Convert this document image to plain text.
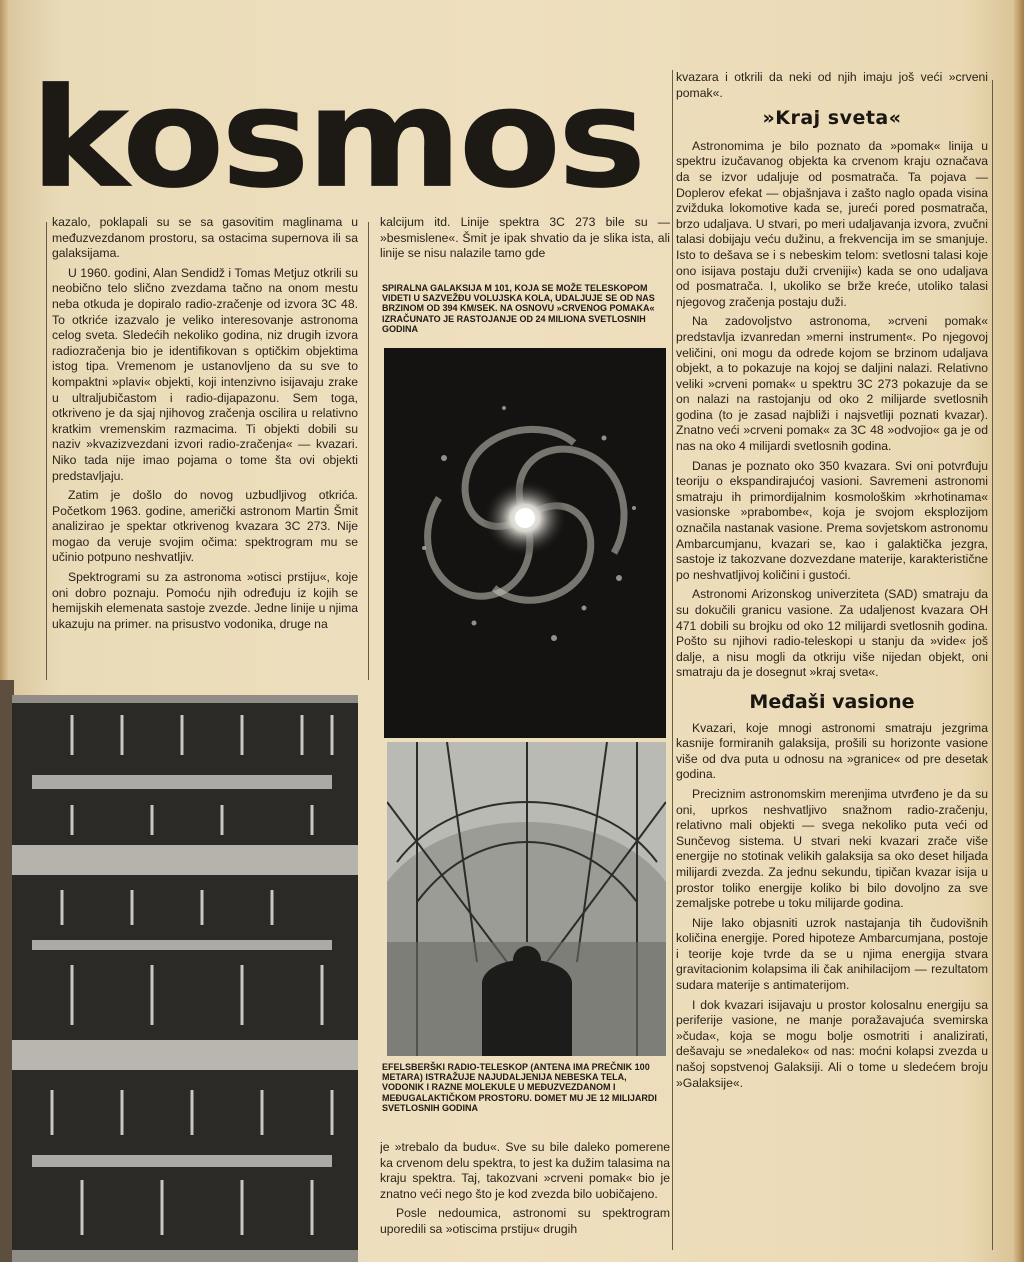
kosmos

kazalo, poklapali su se sa gasovitim maglinama u međuzvezdanom prostoru, sa ostacima supernova ili sa galaksijama.

U 1960. godini, Alan Sendidž i Tomas Metjuz otkrili su neobično telo slično zvezdama tačno na onom mestu neba otkuda je dopiralo radio-zračenje od izvora 3C 48. To otkriće izazvalo je veliko interesovanje astronoma celog sveta. Sledećih nekoliko godina, niz drugih izvora radiozračenja bio je identifikovan s optičkim objektima istog tipa. Vremenom je ustanovljeno da su sve to kompaktni »plavi« objekti, koji intenzivno isijavaju zrake u ultraljubičastom i radio-dijapazonu. Sem toga, otkriveno je da sjaj njihovog zračenja oscilira u relativno kratkim vremenskim razmacima. Ti objekti dobili su naziv »kvazizvezdani izvori radio-zračenja« — kvazari. Niko tada nije imao pojama o tome šta ovi objekti predstavljaju.

Zatim je došlo do novog uzbudljivog otkrića. Početkom 1963. godine, američki astronom Martin Šmit analizirao je spektar otkrivenog kvazara 3C 273. Nije mogao da veruje svojim očima: spektrogram mu se učinio potpuno neshvatljiv.

Spektrogrami su za astronoma »otisci prstiju«, koje oni dobro poznaju. Pomoću njih određuju iz kojih se hemijskih elemenata sastoje zvezde. Jedne linije u njima ukazuju na primer. na prisustvo vodonika, druge na

kalcijum itd. Linije spektra 3C 273 bile su — »besmislene«. Šmit je ipak shvatio da je slika ista, ali linije se nisu nalazile tamo gde

SPIRALNA GALAKSIJA M 101, KOJA SE MOŽE TELESKOPOM VIDETI U SAZVEŽĐU VOLUJSKA KOLA, UDALJUJE SE OD NAS BRZINOM OD 394 KM/SEK. NA OSNOVU »CRVENOG POMAKA« IZRAČUNATO JE RASTOJANJE OD 24 MILIONA SVETLOSNIH GODINA
EFELSBERŠKI RADIO-TELESKOP (ANTENA IMA PREČNIK 100 METARA) ISTRAŽUJE NAJUDALJENIJA NEBESKA TELA, VODONIK I RAZNE MOLEKULE U MEĐUZVEZDANOM I MEĐUGALAKTIČKOM PROSTORU. DOMET MU JE 12 MILIJARDI SVETLOSNIH GODINA

je »trebalo da budu«. Sve su bile daleko pomerene ka crvenom delu spektra, to jest ka dužim talasima na kraju spektra. Taj, takozvani »crveni pomak« bio je znatno veći nego što je kod zvezda bilo uobičajeno.

Posle nedoumica, astronomi su spektrogram uporedili sa »otiscima prstiju« drugih

kvazara i otkrili da neki od njih imaju još veći »crveni pomak«.

»Kraj sveta«

Astronomima je bilo poznato da »pomak« linija u spektru izučavanog objekta ka crvenom kraju označava da se izvor udaljuje od posmatrača. Ta pojava — Doplerov efekat — objašnjava i zašto naglo opada visina zvižduka lokomotive kada se, jureći pored posmatrača, brzo udaljava. U stvari, po meri udaljavanja izvora, zvučni talasi dobijaju veću dužinu, a frekvencija im se smanjuje. Isto to dešava se i s nebeskim telom: svetlosni talasi koje ono isijava postaju duži crveniji«) kada se ono udaljava od posmatrača. I, ukoliko se brže kreće, utoliko talasi njegovog zračenja postaju duži.

Na zadovoljstvo astronoma, »crveni pomak« predstavlja izvanredan »merni instrument«. Po njegovoj veličini, oni mogu da odrede kojom se brzinom udaljava objekt, a to pokazuje na kojoj se daljini nalazi. Relativno veliki »crveni pomak« u spektru 3C 273 pokazuje da se on nalazi na rastojanju od oko 2 milijarde svetlosnih godina (to je zasad najbliži i najsvetliji poznati kvazar). Znatno veći »crveni pomak« za 3C 48 »odvojio« ga je od nas na oko 4 milijardi svetlosnih godina.

Danas je poznato oko 350 kvazara. Svi oni potvrđuju teoriju o ekspandirajućoj vasioni. Savremeni astronomi smatraju ih primordijalnim kosmološkim »krhotinama« vasionske »prabombe«, koja je svojom eksplozijom označila nastanak vasione. Prema sovjetskom astronomu Ambarcumjanu, kvazari se, kao i galaktička jezgra, sastoje iz takozvane dozvezdane materije, karakteristične po neshvatljivoj količini i gustoći.

Astronomi Arizonskog univerziteta (SAD) smatraju da su dokučili granicu vasione. Za udaljenost kvazara OH 471 dobili su brojku od oko 12 milijardi svetlosnih godina. Pošto su njihovi radio-teleskopi u stanju da »vide« još dalje, a nisu mogli da otkriju više nijedan objekt, oni smatraju da je dosegnut »kraj sveta«.

Međaši vasione

Kvazari, koje mnogi astronomi smatraju jezgrima kasnije formiranih galaksija, prošili su horizonte vasione više od dva puta u odnosu na »granice« od pre desetak godina.

Preciznim astronomskim merenjima utvrđeno je da su oni, uprkos neshvatljivo snažnom radio-zračenju, relativno mali objekti — svega nekoliko puta veći od Sunčevog sistema. U stvari neki kvazari zrače više energije no stotinak velikih galaksija sa oko deset hiljada milijardi zvezda. Za jednu sekundu, tipičan kvazar isija u prostor toliko energije koliko bi bilo dovoljno za sve zemaljske potrebe u toku milijarde godina.

Nije lako objasniti uzrok nastajanja tih čudovišnih količina energije. Pored hipoteze Ambarcumjana, postoje i teorije koje tvrde da se u njima energija stvara gravitacionim kolapsima ili čak anihilacijom — rezultatom sudara materije s antimaterijom.

I dok kvazari isijavaju u prostor kolosalnu energiju sa periferije vasione, ne manje poražavajuća svemirska »čuda«, koja se mogu bolje osmotriti i analizirati, dešavaju se »nedaleko« od nas: moćni kolapsi zvezda u našoj sopstvenoj Galaksiji. Ali o tome u sledećem broju »Galaksije«.
